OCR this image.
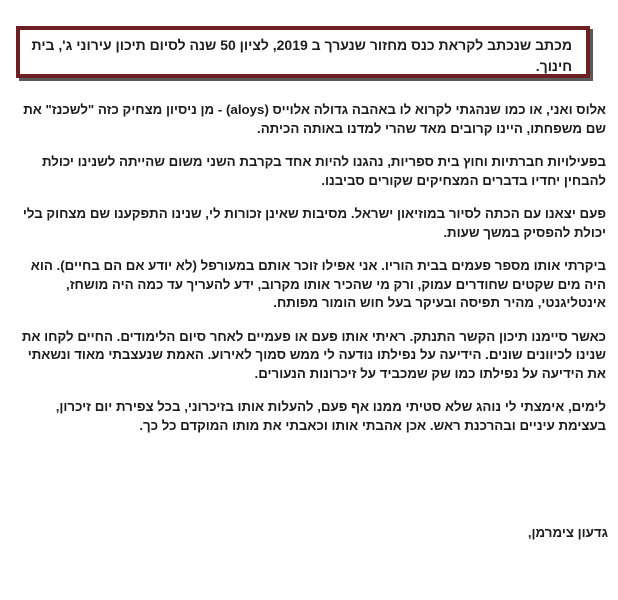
מכתב שנכתב לקראת כנס מחזור שנערך ב 2019, לציון 50 שנה לסיום תיכון עירוני ג', בית חינוך.

אלוס ואני, או כמו שנהגתי לקרוא לו באהבה גדולה אלוייס (aloys) - מן ניסיון מצחיק כזה "לשכנז" את שם משפחתו, היינו קרובים מאד שהרי למדנו באותה הכיתה.

בפעילויות חברתיות וחוץ בית ספריות, נהגנו להיות אחד בקרבת השני משום שהייתה לשנינו יכולת להבחין יחדיו בדברים המצחיקים שקורים סביבנו.

פעם יצאנו עם הכתה לסיור במוזיאון ישראל. מסיבות שאינן זכורות לי, שנינו התפקענו שם מצחוק בלי יכולת להפסיק במשך שעות.

ביקרתי אותו מספר פעמים בבית הוריו. אני אפילו זוכר אותם במעורפל (לא יודע אם הם בחיים). הוא היה מים שקטים שחודרים עמוק, ורק מי שהכיר אותו מקרוב, ידע להעריך עד כמה היה מושחז, אינטליגנטי, מהיר תפיסה ובעיקר בעל חוש הומור מפותח.

כאשר סיימנו תיכון הקשר התנתק. ראיתי אותו פעם או פעמיים לאחר סיום הלימודים. החיים לקחו את שנינו לכיוונים שונים. הידיעה על נפילתו נודעה לי ממש סמוך לאירוע. האמת שנעצבתי מאוד ונשאתי את הידיעה על נפילתו כמו שק שמכביד על זיכרונות הנעורים.

לימים, אימצתי לי נוהג שלא סטיתי ממנו אף פעם, להעלות אותו בזיכרוני, בכל צפירת יום זיכרון, בעצימת עיניים ובהרכנת ראש. אכן אהבתי אותו וכאבתי את מותו המוקדם כל כך.

גדעון צימרמן,
